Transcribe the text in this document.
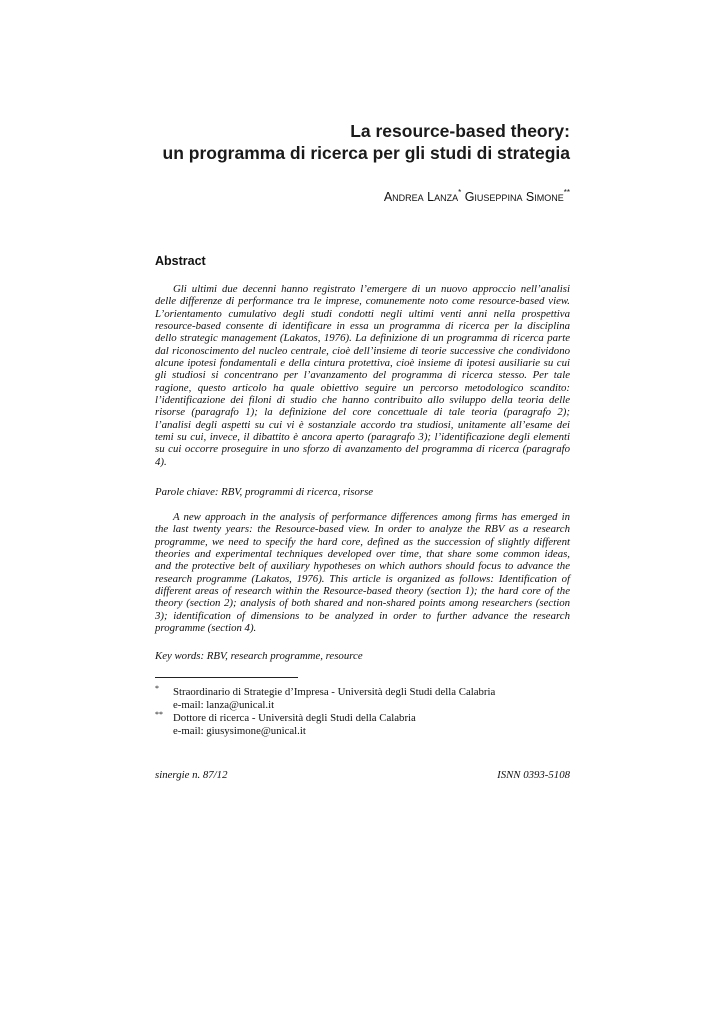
La resource-based theory:
un programma di ricerca per gli studi di strategia
Andrea Lanza* Giuseppina Simone**
Abstract
Gli ultimi due decenni hanno registrato l’emergere di un nuovo approccio nell’analisi
delle differenze di performance tra le imprese, comunemente noto come resource-based view.
L’orientamento cumulativo degli studi condotti negli ultimi venti anni nella prospettiva
resource-based consente di identificare in essa un programma di ricerca per la disciplina
dello strategic management (Lakatos, 1976). La definizione di un programma di ricerca parte
dal riconoscimento del nucleo centrale, cioè dell’insieme di teorie successive che condividono
alcune ipotesi fondamentali e della cintura protettiva, cioè insieme di ipotesi ausiliarie su cui
gli studiosi si concentrano per l’avanzamento del programma di ricerca stesso. Per tale
ragione, questo articolo ha quale obiettivo seguire un percorso metodologico scandito:
l’identificazione dei filoni di studio che hanno contribuito allo sviluppo della teoria delle
risorse (paragrafo 1); la definizione del core concettuale di tale teoria (paragrafo 2);
l’analisi degli aspetti su cui vi è sostanziale accordo tra studiosi, unitamente all’esame dei
temi su cui, invece, il dibattito è ancora aperto (paragrafo 3); l’identificazione degli elementi
su cui occorre proseguire in uno sforzo di avanzamento del programma di ricerca (paragrafo
4).
Parole chiave: RBV, programmi di ricerca, risorse
A new approach in the analysis of performance differences among firms has emerged in
the last twenty years: the Resource-based view. In order to analyze the RBV as a research
programme, we need to specify the hard core, defined as the succession of slightly different
theories and experimental techniques developed over time, that share some common ideas,
and the protective belt of auxiliary hypotheses on which authors should focus to advance the
research programme (Lakatos, 1976). This article is organized as follows: Identification of
different areas of research within the Resource-based theory (section 1); the hard core of the
theory (section 2); analysis of both shared and non-shared points among researchers (section
3); identification of dimensions to be analyzed in order to further advance the research
programme (section 4).
Key words: RBV, research programme, resource
* Straordinario di Strategie d’Impresa - Università degli Studi della Calabria
e-mail: lanza@unical.it
** Dottore di ricerca - Università degli Studi della Calabria
e-mail: giusysimone@unical.it
sinergie n. 87/12	ISNN 0393-5108
